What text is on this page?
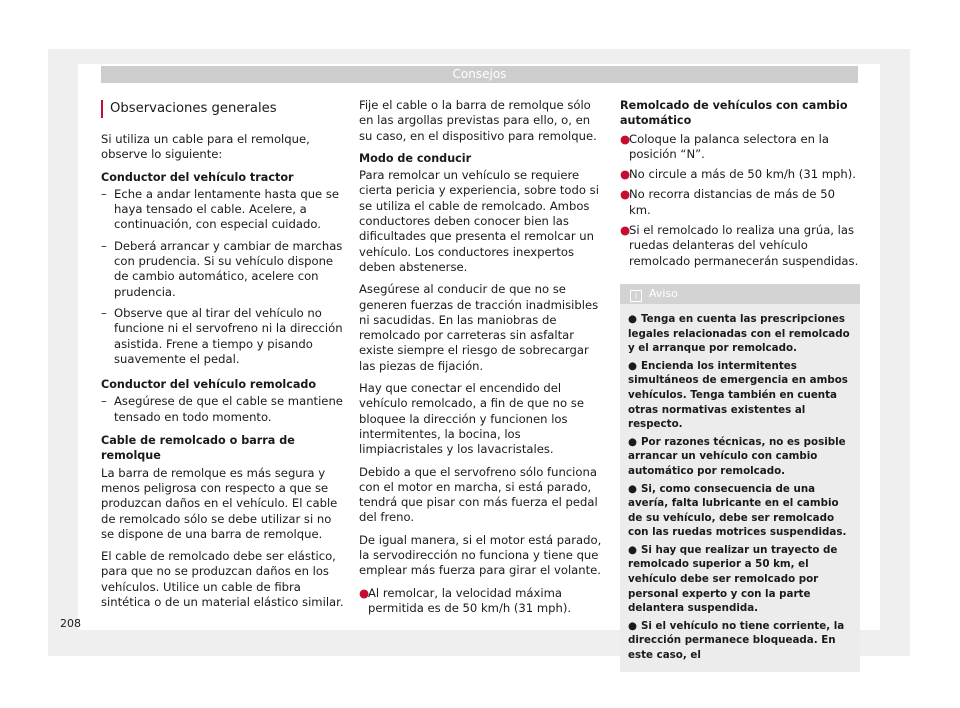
Consejos
Observaciones generales

Si utiliza un cable para el remolque, observe lo siguiente:

Conductor del vehículo tractor

– Eche a andar lentamente hasta que se haya tensado el cable. Acelere, a continuación, con especial cuidado.
– Deberá arrancar y cambiar de marchas con prudencia. Si su vehículo dispone de cambio automático, acelere con prudencia.
– Observe que al tirar del vehículo no funcione ni el servofreno ni la dirección asistida. Frene a tiempo y pisando suavemente el pedal.

Conductor del vehículo remolcado

– Asegúrese de que el cable se mantiene tensado en todo momento.

Cable de remolcado o barra de remolque

La barra de remolque es más segura y menos peligrosa con respecto a que se produzcan daños en el vehículo. El cable de remolcado sólo se debe utilizar si no se dispone de una barra de remolque.

El cable de remolcado debe ser elástico, para que no se produzcan daños en los vehículos. Utilice un cable de fibra sintética o de un material elástico similar.

Fije el cable o la barra de remolque sólo en las argollas previstas para ello, o, en su caso, en el dispositivo para remolque.

Modo de conducir

Para remolcar un vehículo se requiere cierta pericia y experiencia, sobre todo si se utiliza el cable de remolcado. Ambos conductores deben conocer bien las dificultades que presenta el remolcar un vehículo. Los conductores inexpertos deben abstenerse.

Asegúrese al conducir de que no se generen fuerzas de tracción inadmisibles ni sacudidas. En las maniobras de remolcado por carreteras sin asfaltar existe siempre el riesgo de sobrecargar las piezas de fijación.

Hay que conectar el encendido del vehículo remolcado, a fin de que no se bloquee la dirección y funcionen los intermitentes, la bocina, los limpiacristales y los lavacristales.

Debido a que el servofreno sólo funciona con el motor en marcha, si está parado, tendrá que pisar con más fuerza el pedal del freno.

De igual manera, si el motor está parado, la servodirección no funciona y tiene que emplear más fuerza para girar el volante.

●
Al remolcar, la velocidad máxima permitida es de 50 km/h (31 mph).

Remolcado de vehículos con cambio automático

●
Coloque la palanca selectora en la posición “N”.
●
No circule a más de 50 km/h (31 mph).
●
No recorra distancias de más de 50 km.
●
Si el remolcado lo realiza una grúa, las ruedas delanteras del vehículo remolcado permanecerán suspendidas.
i Aviso
● Tenga en cuenta las prescripciones legales relacionadas con el remolcado y el arranque por remolcado.
● Encienda los intermitentes simultáneos de emergencia en ambos vehículos. Tenga también en cuenta otras normativas existentes al respecto.
● Por razones técnicas, no es posible arrancar un vehículo con cambio automático por remolcado.
● Si, como consecuencia de una avería, falta lubricante en el cambio de su vehículo, debe ser remolcado con las ruedas motrices suspendidas.
● Si hay que realizar un trayecto de remolcado superior a 50 km, el vehículo debe ser remolcado por personal experto y con la parte delantera suspendida.
● Si el vehículo no tiene corriente, la dirección permanece bloqueada. En este caso, el
208
